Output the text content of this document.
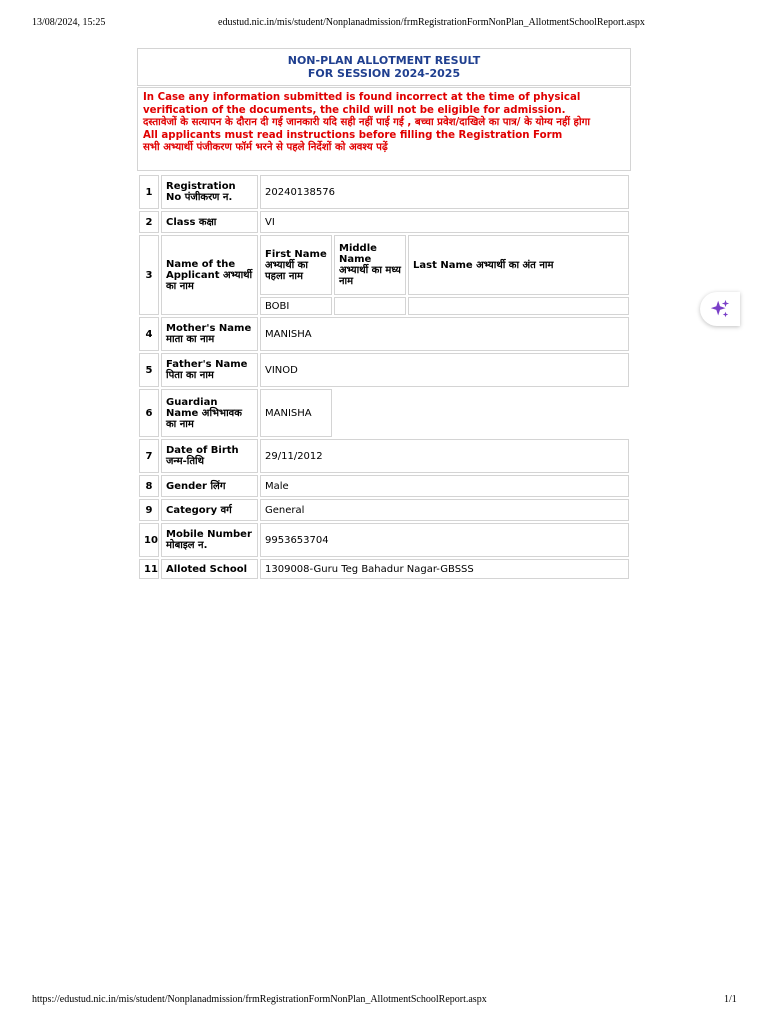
13/08/2024, 15:25	edustud.nic.in/mis/student/Nonplanadmission/frmRegistrationFormNonPlan_AllotmentSchoolReport.aspx
NON-PLAN ALLOTMENT RESULT
FOR SESSION 2024-2025
In Case any information submitted is found incorrect at the time of physical verification of the documents, the child will not be eligible for admission.
दस्तावेजों के सत्यापन के दौरान दी गई जानकारी यदि सही नहीं पाई गई , बच्चा प्रवेश/दाखिले का पात्र/ के योग्य नहीं होगा
All applicants must read instructions before filling the Registration Form
सभी अभ्यार्थी पंजीकरण फॉर्म भरने से पहले निर्देशों को अवश्य पढ़ें
1	Registration No पंजीकरण न.	20240138576		
2	Class कक्षा	VI		
3	Name of the Applicant अभ्यार्थी का नाम	First Name अभ्यार्थी का पहला नाम	Middle Name अभ्यार्थी का मध्य नाम	Last Name अभ्यार्थी का अंत नाम
		BOBI		
4	Mother's Name माता का नाम	MANISHA		
5	Father's Name पिता का नाम	VINOD		
6	Guardian Name अभिभावक का नाम	MANISHA		
7	Date of Birth जन्म-तिथि	29/11/2012		
8	Gender लिंग	Male		
9	Category वर्ग	General		
10	Mobile Number मोबाइल न.	9953653704		
11	Alloted School	1309008-Guru Teg Bahadur Nagar-GBSSS		
https://edustud.nic.in/mis/student/Nonplanadmission/frmRegistrationFormNonPlan_AllotmentSchoolReport.aspx	1/1
